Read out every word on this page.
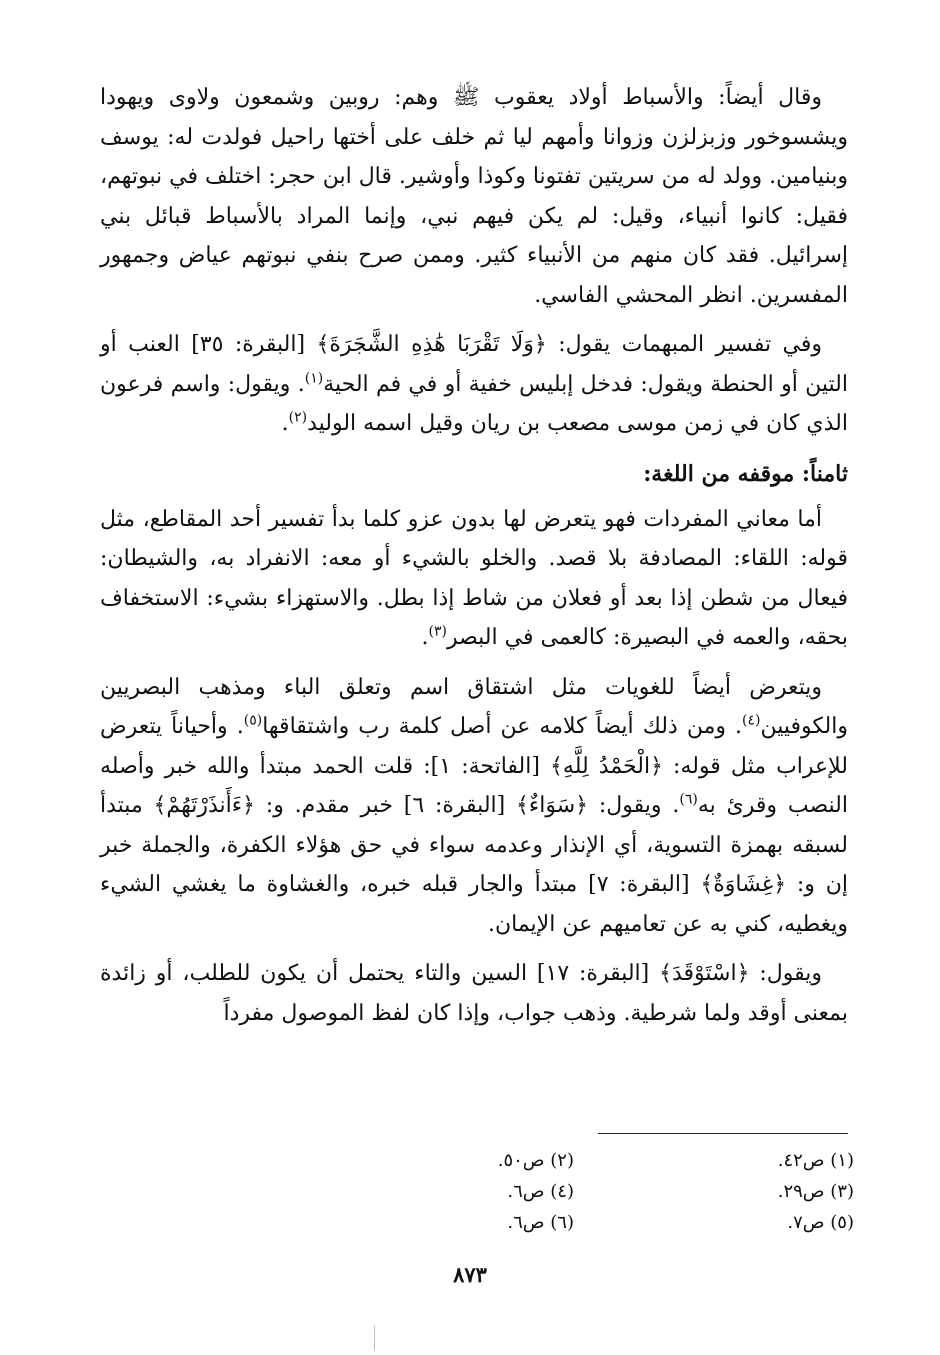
وقال أيضاً: والأسباط أولاد يعقوب ﷺ وهم: روبين وشمعون ولاوى ويهودا ويشسوخور وزبزلزن وزوانا وأمهم ليا ثم خلف على أختها راحيل فولدت له: يوسف وبنيامين. وولد له من سريتين تفتونا وكوذا وأوشير. قال ابن حجر: اختلف في نبوتهم، فقيل: كانوا أنبياء، وقيل: لم يكن فيهم نبي، وإنما المراد بالأسباط قبائل بني إسرائيل. فقد كان منهم من الأنبياء كثير. وممن صرح بنفي نبوتهم عياض وجمهور المفسرين. انظر المحشي الفاسي.

وفي تفسير المبهمات يقول: ﴿وَلَا تَقْرَبَا هَٰذِهِ الشَّجَرَةَ﴾ [البقرة: ٣٥] العنب أو التين أو الحنطة ويقول: فدخل إبليس خفية أو في فم الحية$^{(١)}$. ويقول: واسم فرعون الذي كان في زمن موسى مصعب بن ريان وقيل اسمه الوليد$^{(٢)}$.

ثامناً: موقفه من اللغة:

أما معاني المفردات فهو يتعرض لها بدون عزو كلما بدأ تفسير أحد المقاطع، مثل قوله: اللقاء: المصادفة بلا قصد. والخلو بالشيء أو معه: الانفراد به، والشيطان: فيعال من شطن إذا بعد أو فعلان من شاط إذا بطل. والاستهزاء بشيء: الاستخفاف بحقه، والعمه في البصيرة: كالعمى في البصر$^{(٣)}$.

ويتعرض أيضاً للغويات مثل اشتقاق اسم وتعلق الباء ومذهب البصريين والكوفيين$^{(٤)}$. ومن ذلك أيضاً كلامه عن أصل كلمة رب واشتقاقها$^{(٥)}$. وأحياناً يتعرض للإعراب مثل قوله: ﴿الْحَمْدُ لِلَّهِ﴾ [الفاتحة: ١]: قلت الحمد مبتدأ والله خبر وأصله النصب وقرئ به$^{(٦)}$. ويقول: ﴿سَوَاءٌ﴾ [البقرة: ٦] خبر مقدم. و: ﴿ءَأَنذَرْتَهُمْ﴾ مبتدأ لسبقه بهمزة التسوية، أي الإنذار وعدمه سواء في حق هؤلاء الكفرة، والجملة خبر إن و: ﴿غِشَاوَةٌ﴾ [البقرة: ٧] مبتدأ والجار قبله خبره، والغشاوة ما يغشي الشيء ويغطيه، كني به عن تعاميهم عن الإيمان.

ويقول: ﴿اسْتَوْقَدَ﴾ [البقرة: ١٧] السين والتاء يحتمل أن يكون للطلب، أو زائدة بمعنى أوقد ولما شرطية. وذهب جواب، وإذا كان لفظ الموصول مفرداً

(١) ص٤٢.
(٢) ص٥٠.
(٣) ص٢٩.
(٤) ص٦.
(٥) ص٧.
(٦) ص٦.
٨٧٣
